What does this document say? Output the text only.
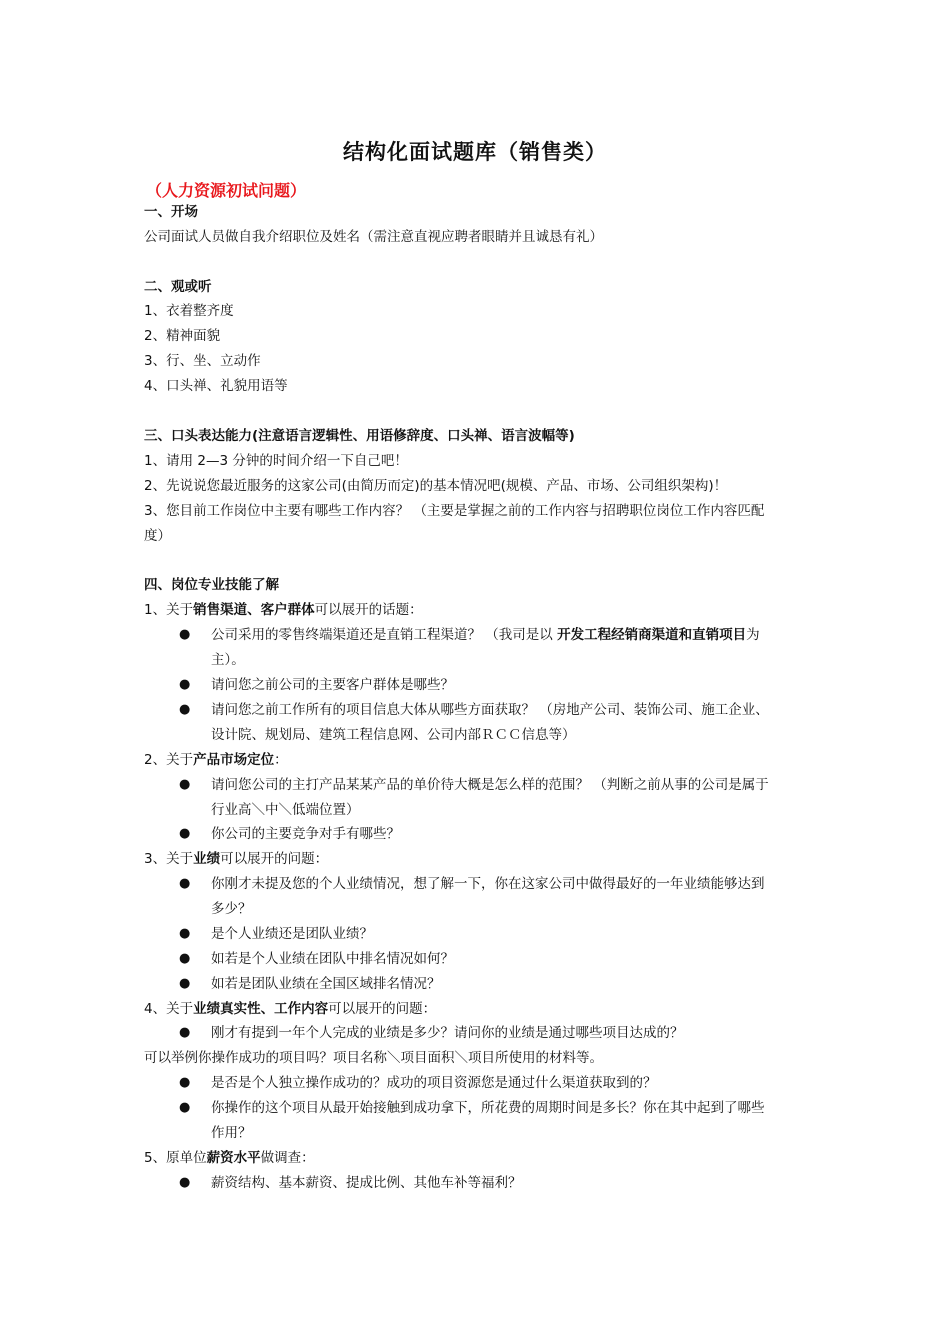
结构化面试题库（销售类）
（人力资源初试问题）
一、开场
公司面试人员做自我介绍职位及姓名（需注意直视应聘者眼睛并且诚恳有礼）
二、观或听
1、衣着整齐度
2、精神面貌
3、行、坐、立动作
4、口头禅、礼貌用语等
三、口头表达能力(注意语言逻辑性、用语修辞度、口头禅、语言波幅等)
1、请用 2—3 分钟的时间介绍一下自己吧！
2、先说说您最近服务的这家公司(由简历而定)的基本情况吧(规模、产品、市场、公司组织架构)！
3、您目前工作岗位中主要有哪些工作内容？ （主要是掌握之前的工作内容与招聘职位岗位工作内容匹配
度）
四、岗位专业技能了解
1、关于销售渠道、客户群体可以展开的话题：
● 公司采用的零售终端渠道还是直销工程渠道？ （我司是以 开发工程经销商渠道和直销项目为
主）。
● 请问您之前公司的主要客户群体是哪些？
● 请问您之前工作所有的项目信息大体从哪些方面获取？ （房地产公司、装饰公司、施工企业、
设计院、规划局、建筑工程信息网、公司内部ＲＣＣ信息等）
2、关于产品市场定位：
● 请问您公司的主打产品某某产品的单价待大概是怎么样的范围？ （判断之前从事的公司是属于
行业高＼中＼低端位置）
● 你公司的主要竞争对手有哪些？
3、关于业绩可以展开的问题：
● 你刚才未提及您的个人业绩情况，想了解一下，你在这家公司中做得最好的一年业绩能够达到
多少？
● 是个人业绩还是团队业绩？
● 如若是个人业绩在团队中排名情况如何？
● 如若是团队业绩在全国区域排名情况？
4、关于业绩真实性、工作内容可以展开的问题：
● 刚才有提到一年个人完成的业绩是多少？请问你的业绩是通过哪些项目达成的？
可以举例你操作成功的项目吗？项目名称＼项目面积＼项目所使用的材料等。
● 是否是个人独立操作成功的？成功的项目资源您是通过什么渠道获取到的？
● 你操作的这个项目从最开始接触到成功拿下，所花费的周期时间是多长？你在其中起到了哪些
作用？
5、原单位薪资水平做调查：
● 薪资结构、基本薪资、提成比例、其他车补等福利？
